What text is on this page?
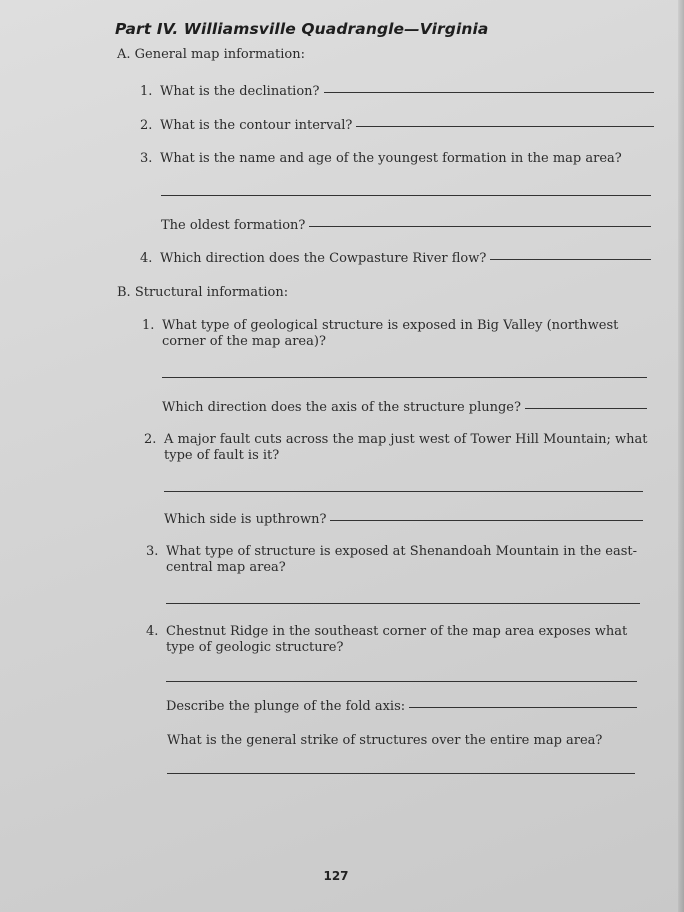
Part IV. Williamsville Quadrangle—Virginia
A. General map information:
1. What is the declination?
2. What is the contour interval?
3. What is the name and age of the youngest formation in the map area?
The oldest formation?
4. Which direction does the Cowpasture River flow?
B. Structural information:
1. What type of geological structure is exposed in Big Valley (northwest corner of the map area)?
Which direction does the axis of the structure plunge?
2. A major fault cuts across the map just west of Tower Hill Mountain; what type of fault is it?
Which side is upthrown?
3. What type of structure is exposed at Shenandoah Mountain in the east-central map area?
4. Chestnut Ridge in the southeast corner of the map area exposes what type of geologic structure?
Describe the plunge of the fold axis:
What is the general strike of structures over the entire map area?
127
